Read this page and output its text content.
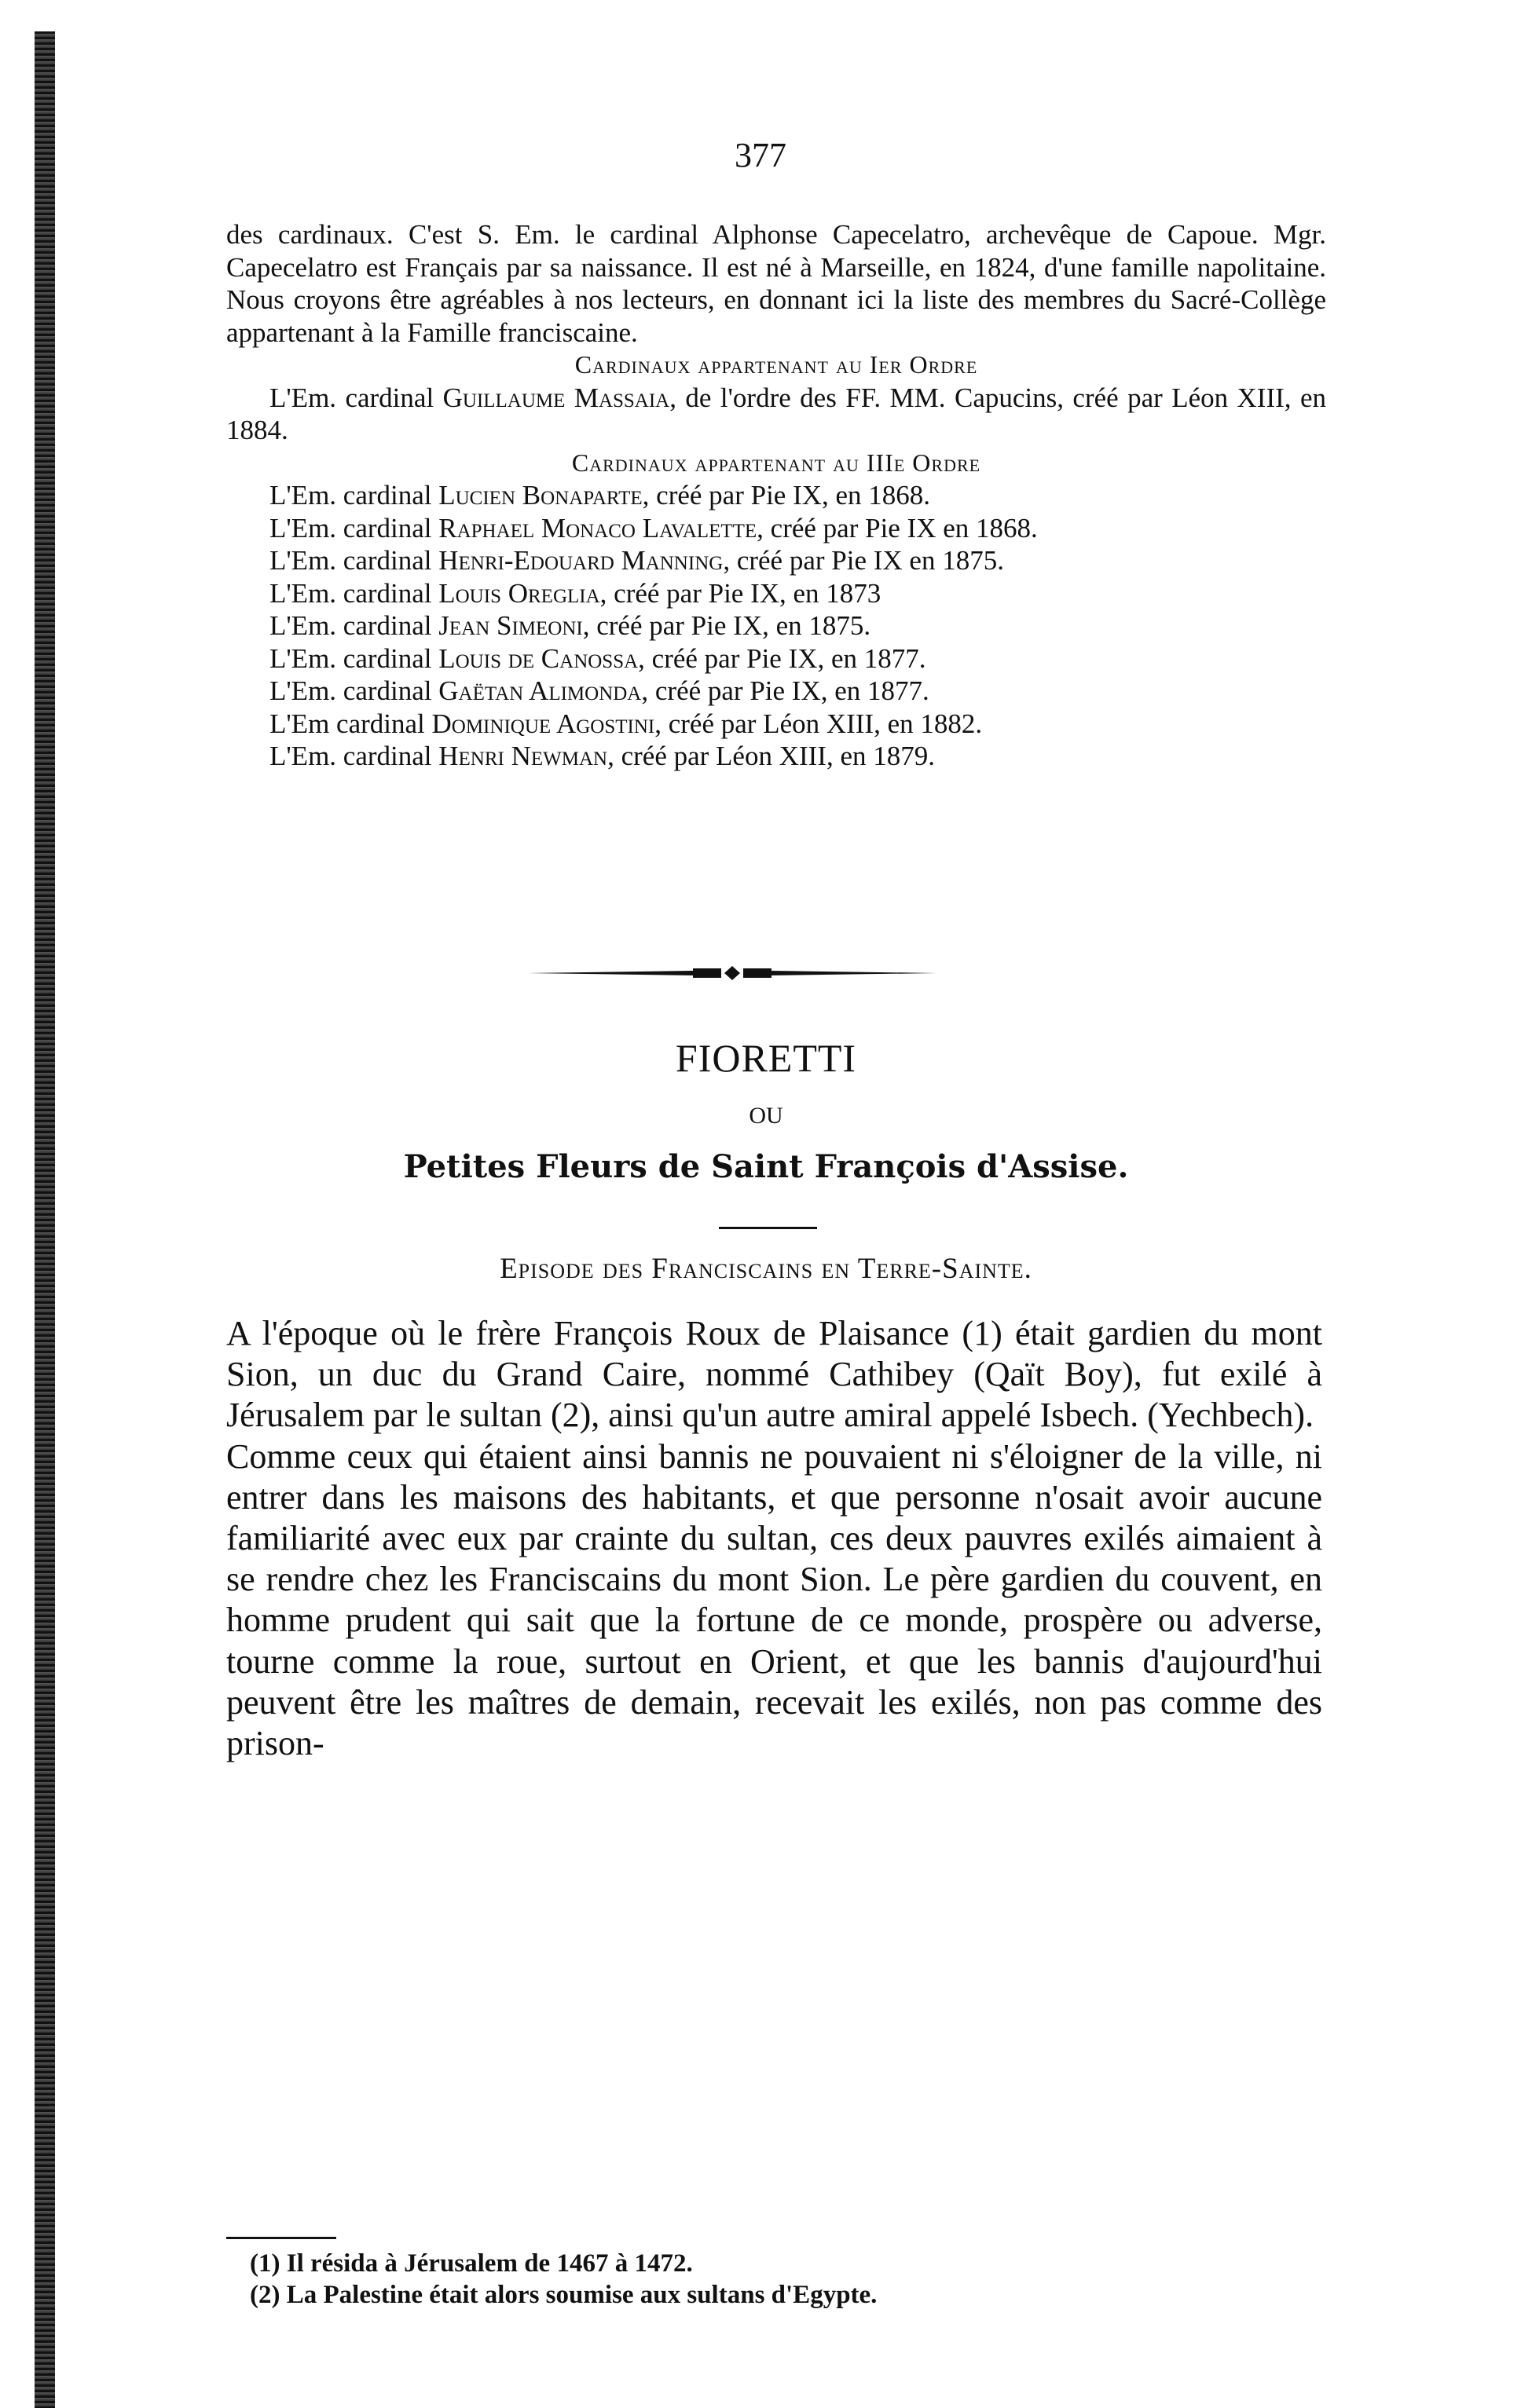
377

des cardinaux. C'est S. Em. le cardinal Alphonse Capecelatro, archevêque de Capoue. Mgr. Capecelatro est Français par sa naissance. Il est né à Marseille, en 1824, d'une famille napolitaine. Nous croyons être agréables à nos lecteurs, en donnant ici la liste des membres du Sacré-Collège appartenant à la Famille franciscaine.

Cardinaux appartenant au Ier Ordre

L'Em. cardinal Guillaume Massaia, de l'ordre des FF. MM. Capucins, créé par Léon XIII, en 1884.

Cardinaux appartenant au IIIe Ordre

L'Em. cardinal Lucien Bonaparte, créé par Pie IX, en 1868.

L'Em. cardinal Raphael Monaco Lavalette, créé par Pie IX en 1868.

L'Em. cardinal Henri-Edouard Manning, créé par Pie IX en 1875.

L'Em. cardinal Louis Oreglia, créé par Pie IX, en 1873

L'Em. cardinal Jean Simeoni, créé par Pie IX, en 1875.

L'Em. cardinal Louis de Canossa, créé par Pie IX, en 1877.

L'Em. cardinal Gaëtan Alimonda, créé par Pie IX, en 1877.

L'Em cardinal Dominique Agostini, créé par Léon XIII, en 1882.

L'Em. cardinal Henri Newman, créé par Léon XIII, en 1879.

FIORETTI
OU
Petites Fleurs de Saint François d'Assise.
Episode des Franciscains en Terre-Sainte.

A l'époque où le frère François Roux de Plaisance (1) était gardien du mont Sion, un duc du Grand Caire, nommé Cathibey (Qaït Boy), fut exilé à Jérusalem par le sultan (2), ainsi qu'un autre amiral appelé Isbech. (Yechbech).

Comme ceux qui étaient ainsi bannis ne pouvaient ni s'éloigner de la ville, ni entrer dans les maisons des habitants, et que personne n'osait avoir aucune familiarité avec eux par crainte du sultan, ces deux pauvres exilés aimaient à se rendre chez les Franciscains du mont Sion. Le père gardien du couvent, en homme prudent qui sait que la fortune de ce monde, prospère ou adverse, tourne comme la roue, surtout en Orient, et que les bannis d'aujourd'hui peuvent être les maîtres de demain, recevait les exilés, non pas comme des prison-

(1) Il résida à Jérusalem de 1467 à 1472.
(2) La Palestine était alors soumise aux sultans d'Egypte.
